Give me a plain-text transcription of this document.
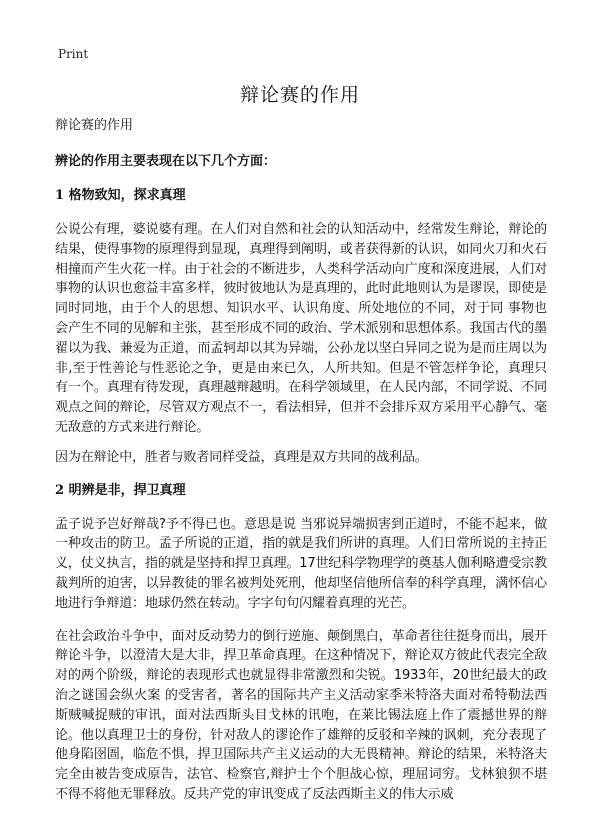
Print
辩论赛的作用

辩论赛的作用

辨论的作用主要表现在以下几个方面：

1 格物致知，探求真理

公说公有理，婆说婆有理。在人们对自然和社会的认知活动中，经常发生辩论，辩论的结果，使得事物的原理得到显现，真理得到阐明，或者获得新的认识，如同火刀和火石相撞而产生火花一样。由于社会的不断进步，人类科学活动向广度和深度进展，人们对事物的认识也愈益丰富多样，彼时彼地认为是真理的，此时此地则认为是谬误，即使是同时同地，由于个人的思想、知识水平、认识角度、所处地位的不同，对于同 事物也会产生不同的见解和主张，甚至形成不同的政治、学术派别和思想体系。我国古代的墨翟以为我、兼爱为正道，而孟轲却以其为异端，公孙龙以坚白异同之说为是而庄周以为非,至于性善论与性恶论之争，更是由来已久，人所共知。但是不管怎样争论，真理只有一个。真理有待发现，真理越辩越明。在科学领域里，在人民内部，不同学说、不同观点之间的辩论，尽管双方观点不一，看法相异，但并不会排斥双方采用平心静气、毫无敌意的方式来进行辩论。

因为在辩论中，胜者与败者同样受益，真理是双方共同的战利品。

2 明辨是非，捍卫真理

孟子说予岂好辩哉?予不得已也。意思是说 当邪说异端损害到正道时，不能不起来，做一种攻击的防卫。孟子所说的正道，指的就是我们所讲的真理。人们日常所说的主持正义，仗义执言，指的就是坚持和捍卫真理。17世纪科学物理学的奠基人伽利略遭受宗教裁判所的迫害，以异教徒的罪名被判处死刑，他却坚信他所信奉的科学真理，满怀信心地进行争辩道：地球仍然在转动。字字句句闪耀着真理的光芒。

在社会政治斗争中，面对反动势力的倒行逆施、颠倒黑白，革命者往往挺身而出，展开辩论斗争，以澄清大是大非，捍卫革命真理。在这种情况下，辩论双方彼此代表完全敌对的两个阶级，辩论的表现形式也就显得非常激烈和尖锐。1933年，20世纪最大的政治之谜国会纵火案 的受害者，著名的国际共产主义活动家季米特洛夫面对希特勒法西斯贼喊捉贼的审讯，面对法西斯头目戈林的讯咆，在莱比锡法庭上作了震撼世界的辩论。他以真理卫士的身份，针对敌人的谬论作了雄辩的反驳和辛辣的讽刺，充分表现了他身陷囹圄，临危不惧，捍卫国际共产主义运动的大无畏精神。辩论的结果，米特洛夫完全由被告变成原告，法官、检察官,辩护士个个胆战心惊，理屈词穷。戈林狼狈不堪 不得不将他无罪释放。反共产党的审讯变成了反法西斯主义的伟大示威
